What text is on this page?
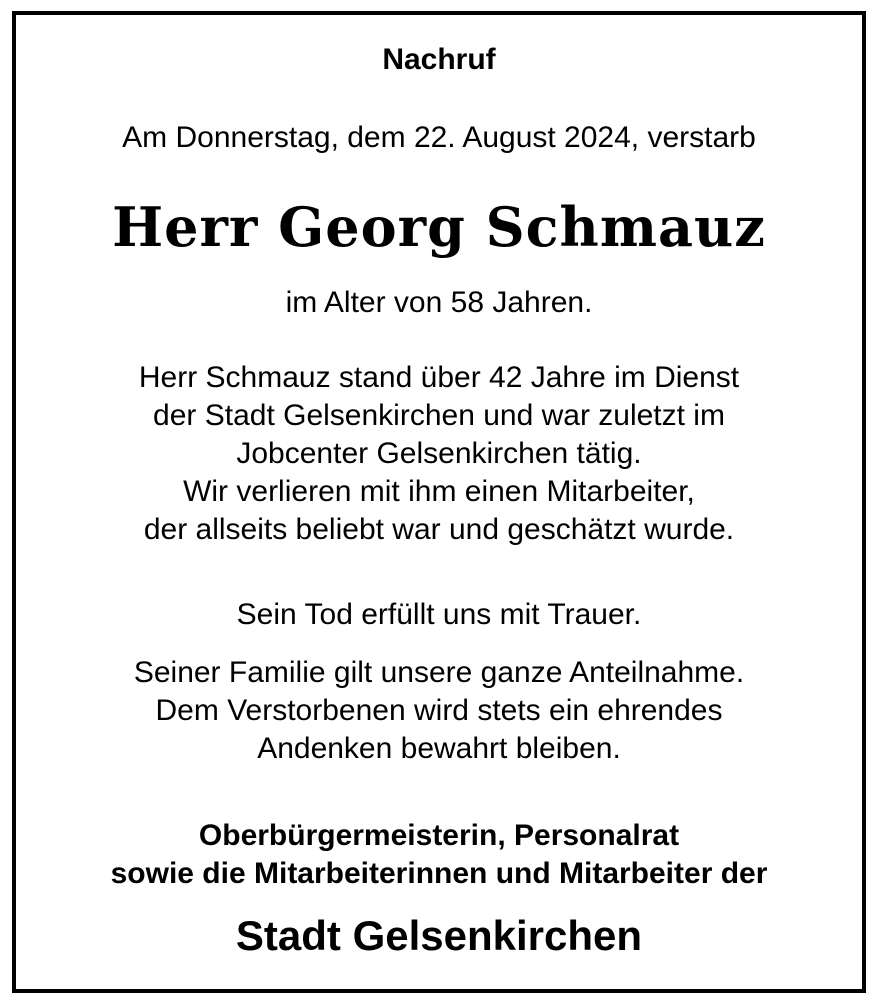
Nachruf
Am Donnerstag, dem 22. August 2024, verstarb
Herr Georg Schmauz
im Alter von 58 Jahren.
Herr Schmauz stand über 42 Jahre im Dienst
der Stadt Gelsenkirchen und war zuletzt im
Jobcenter Gelsenkirchen tätig.
Wir verlieren mit ihm einen Mitarbeiter,
der allseits beliebt war und geschätzt wurde.
Sein Tod erfüllt uns mit Trauer.
Seiner Familie gilt unsere ganze Anteilnahme.
Dem Verstorbenen wird stets ein ehrendes
Andenken bewahrt bleiben.
Oberbürgermeisterin, Personalrat
sowie die Mitarbeiterinnen und Mitarbeiter der
Stadt Gelsenkirchen
